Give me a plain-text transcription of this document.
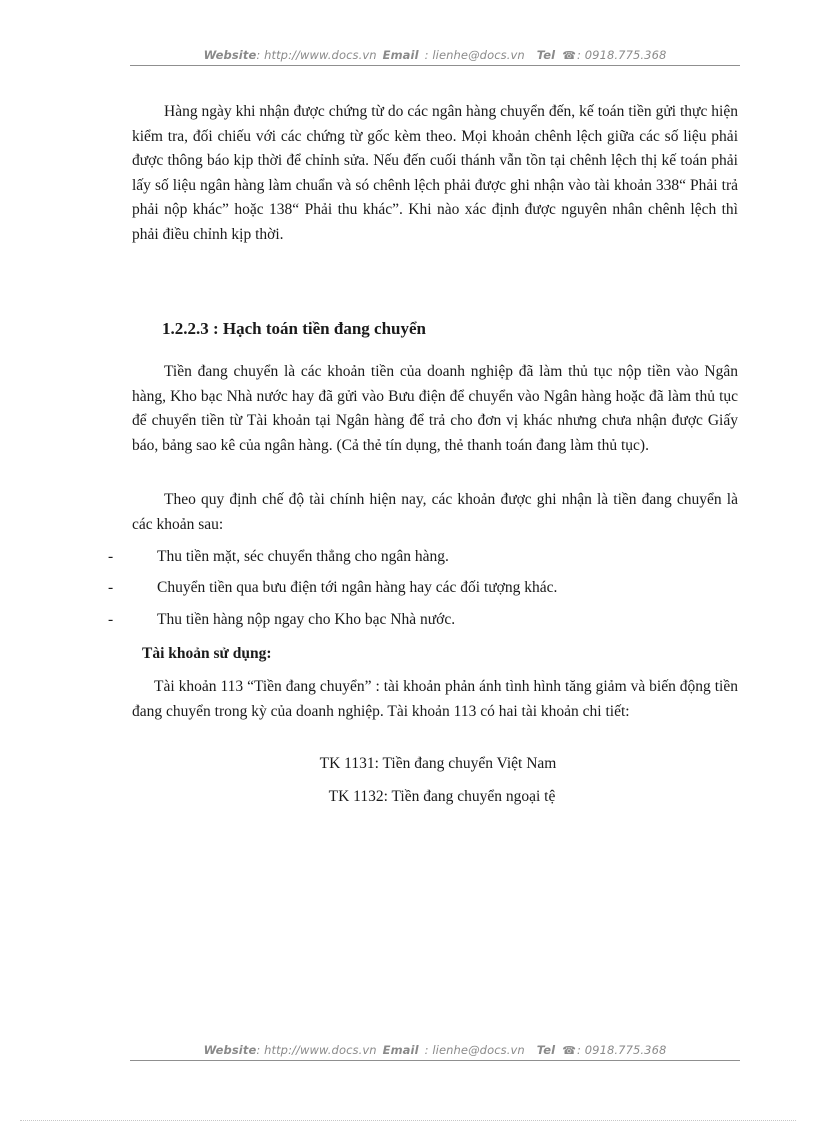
Website: http://www.docs.vn Email : lienhe@docs.vn Tel ☎: 0918.775.368
Hàng ngày khi nhận được chứng từ do các ngân hàng chuyển đến, kế toán tiền gửi thực hiện kiểm tra, đối chiếu với các chứng từ gốc kèm theo. Mọi khoản chênh lệch giữa các số liệu phải được thông báo kịp thời để chỉnh sửa. Nếu đến cuối thánh vẫn tồn tại chênh lệch thị kế toán phải lấy số liệu ngân hàng làm chuẩn và só chênh lệch phải được ghi nhận vào tài khoản 338“ Phải trả phải nộp khác” hoặc 138“ Phải thu khác”. Khi nào xác định được nguyên nhân chênh lệch thì phải điều chỉnh kịp thời.
1.2.2.3 : Hạch toán tiền đang chuyển
Tiền đang chuyển là các khoản tiền của doanh nghiệp đã làm thủ tục nộp tiền vào Ngân hàng, Kho bạc Nhà nước hay đã gửi vào Bưu điện để chuyển vào Ngân hàng hoặc đã làm thủ tục để chuyển tiền từ Tài khoản tại Ngân hàng để trả cho đơn vị khác nhưng chưa nhận được Giấy báo, bảng sao kê của ngân hàng. (Cả thẻ tín dụng, thẻ thanh toán đang làm thủ tục).
Theo quy định chế độ tài chính hiện nay, các khoản được ghi nhận là tiền đang chuyển là các khoản sau:
-	Thu tiền mặt, séc chuyển thẳng cho ngân hàng.
-	Chuyển tiền qua bưu điện tới ngân hàng hay các đối tượng khác.
-	Thu tiền hàng nộp ngay cho Kho bạc Nhà nước.
Tài khoản sử dụng:
Tài khoản 113 “Tiền đang chuyển” : tài khoản phản ánh tình hình tăng giảm và biến động tiền đang chuyển trong kỳ của doanh nghiệp. Tài khoản 113 có hai tài khoản chi tiết:
TK 1131: Tiền đang chuyển Việt Nam
TK 1132: Tiền đang chuyển ngoại tệ
Website: http://www.docs.vn Email : lienhe@docs.vn Tel ☎: 0918.775.368
